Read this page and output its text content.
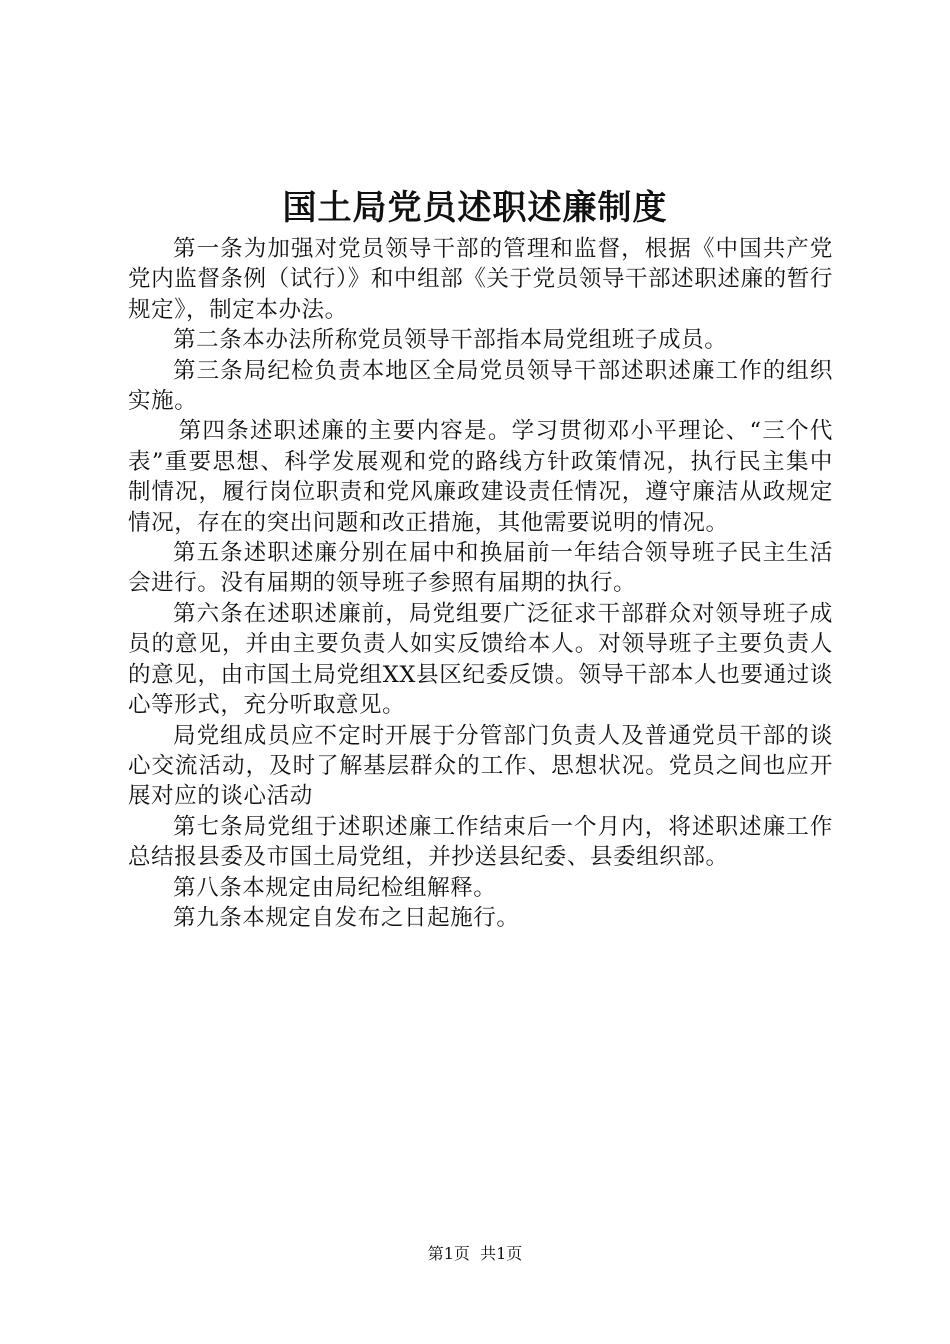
国土局党员述职述廉制度

第一条为加强对党员领导干部的管理和监督，根据《中国共产党党内监督条例（试行）》和中组部《关于党员领导干部述职述廉的暂行规定》，制定本办法。

第二条本办法所称党员领导干部指本局党组班子成员。

第三条局纪检负责本地区全局党员领导干部述职述廉工作的组织实施。

第四条述职述廉的主要内容是。学习贯彻邓小平理论、“三个代表”重要思想、科学发展观和党的路线方针政策情况，执行民主集中制情况，履行岗位职责和党风廉政建设责任情况，遵守廉洁从政规定情况，存在的突出问题和改正措施，其他需要说明的情况。

第五条述职述廉分别在届中和换届前一年结合领导班子民主生活会进行。没有届期的领导班子参照有届期的执行。

第六条在述职述廉前，局党组要广泛征求干部群众对领导班子成员的意见，并由主要负责人如实反馈给本人。对领导班子主要负责人的意见，由市国土局党组XX县区纪委反馈。领导干部本人也要通过谈心等形式，充分听取意见。

局党组成员应不定时开展于分管部门负责人及普通党员干部的谈心交流活动，及时了解基层群众的工作、思想状况。党员之间也应开展对应的谈心活动

第七条局党组于述职述廉工作结束后一个月内，将述职述廉工作总结报县委及市国土局党组，并抄送县纪委、县委组织部。

第八条本规定由局纪检组解释。

第九条本规定自发布之日起施行。

第1页 共1页
